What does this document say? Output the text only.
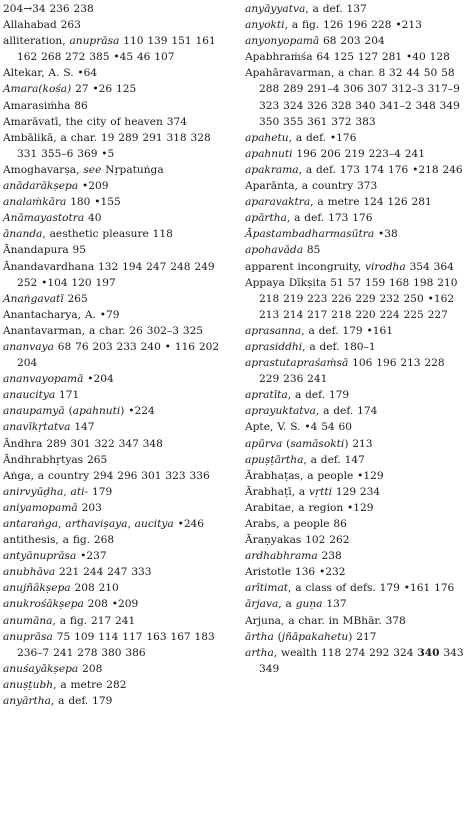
204→34 236 238
Allahabad 263
alliteration, anuprāsa 110 139 151 161 162 268 272 385 •45 46 107
Altekar, A. S. •64
Amara(kośa) 27 •26 125
Amarasiṁha 86
Amarāvatī, the city of heaven 374
Ambālikā, a char. 19 289 291 318 328 331 355–6 369 •5
Amoghavarṣa, see Nṛpatuṅga
anādarākṣepa •209
analaṁkāra 180 •155
Anāmayastotra 40
ānanda, aesthetic pleasure 118
Ānandapura 95
Ānandavardhana 132 194 247 248 249 252 •104 120 197
Anaṅgavatī 265
Anantacharya, A. •79
Anantavarman, a char. 26 302–3 325
ananvaya 68 76 203 233 240 • 116 202 204
ananvayopamā •204
anaucitya 171
anaupamyā (apahnuti) •224
anavīkṛtatva 147
Āndhra 289 301 322 347 348
Āndhrabhṛtyas 265
Aṅga, a country 294 296 301 323 336
anirvyūḍha, ati- 179
aniyamopamā 203
antaraṅga, arthaviṣaya, aucitya •246
antithesis, a fig. 268
antyānuprāsa •237
anubhāva 221 244 247 333
anujñākṣepa 208 210
anukrośākṣepa 208 •209
anumāna, a fig. 217 241
anuprāsa 75 109 114 117 163 167 183 236–7 241 278 380 386
anuśayākṣepa 208
anuṣṭubh, a metre 282
anyārtha, a def. 179
anyāyyatva, a def. 137
anyokti, a fig. 126 196 228 •213
anyonyopamā 68 203 204
Apabhraṁśa 64 125 127 281 •40 128
Apahāravarman, a char. 8 32 44 50 58 288 289 291–4 306 307 312–3 317–9 323 324 326 328 340 341–2 348 349 350 355 361 372 383
apahetu, a def. •176
apahnuti 196 206 219 223–4 241
apakrama, a def. 173 174 176 •218 246
Aparānta, a country 373
aparavaktra, a metre 124 126 281
apārtha, a def. 173 176
Āpastambadharmasūtra •38
apohavāda 85
apparent incongruity, virodha 354 364
Appaya Dīkṣita 51 57 159 168 198 210 218 219 223 226 229 232 250 •162 213 214 217 218 220 224 225 227
aprasanna, a def. 179 •161
aprasiddhi, a def. 180–1
aprastutapraśaṁsā 106 196 213 228 229 236 241
apratīta, a def. 179
aprayuktatva, a def. 174
Apte, V. S. •4 54 60
apūrva (samāsokti) 213
apuṣṭārtha, a def. 147
Ārabhaṭas, a people •129
Ārabhaṭī, a vṛtti 129 234
Arabitae, a region •129
Arabs, a people 86
Āraṇyakas 102 262
ardhabhrama 238
Aristotle 136 •232
arītimat, a class of defs. 179 •161 176
ārjava, a guṇa 137
Arjuna, a char. in MBhār. 378
ārtha (jñāpakahetu) 217
artha, wealth 118 274 292 324 340 343 349
